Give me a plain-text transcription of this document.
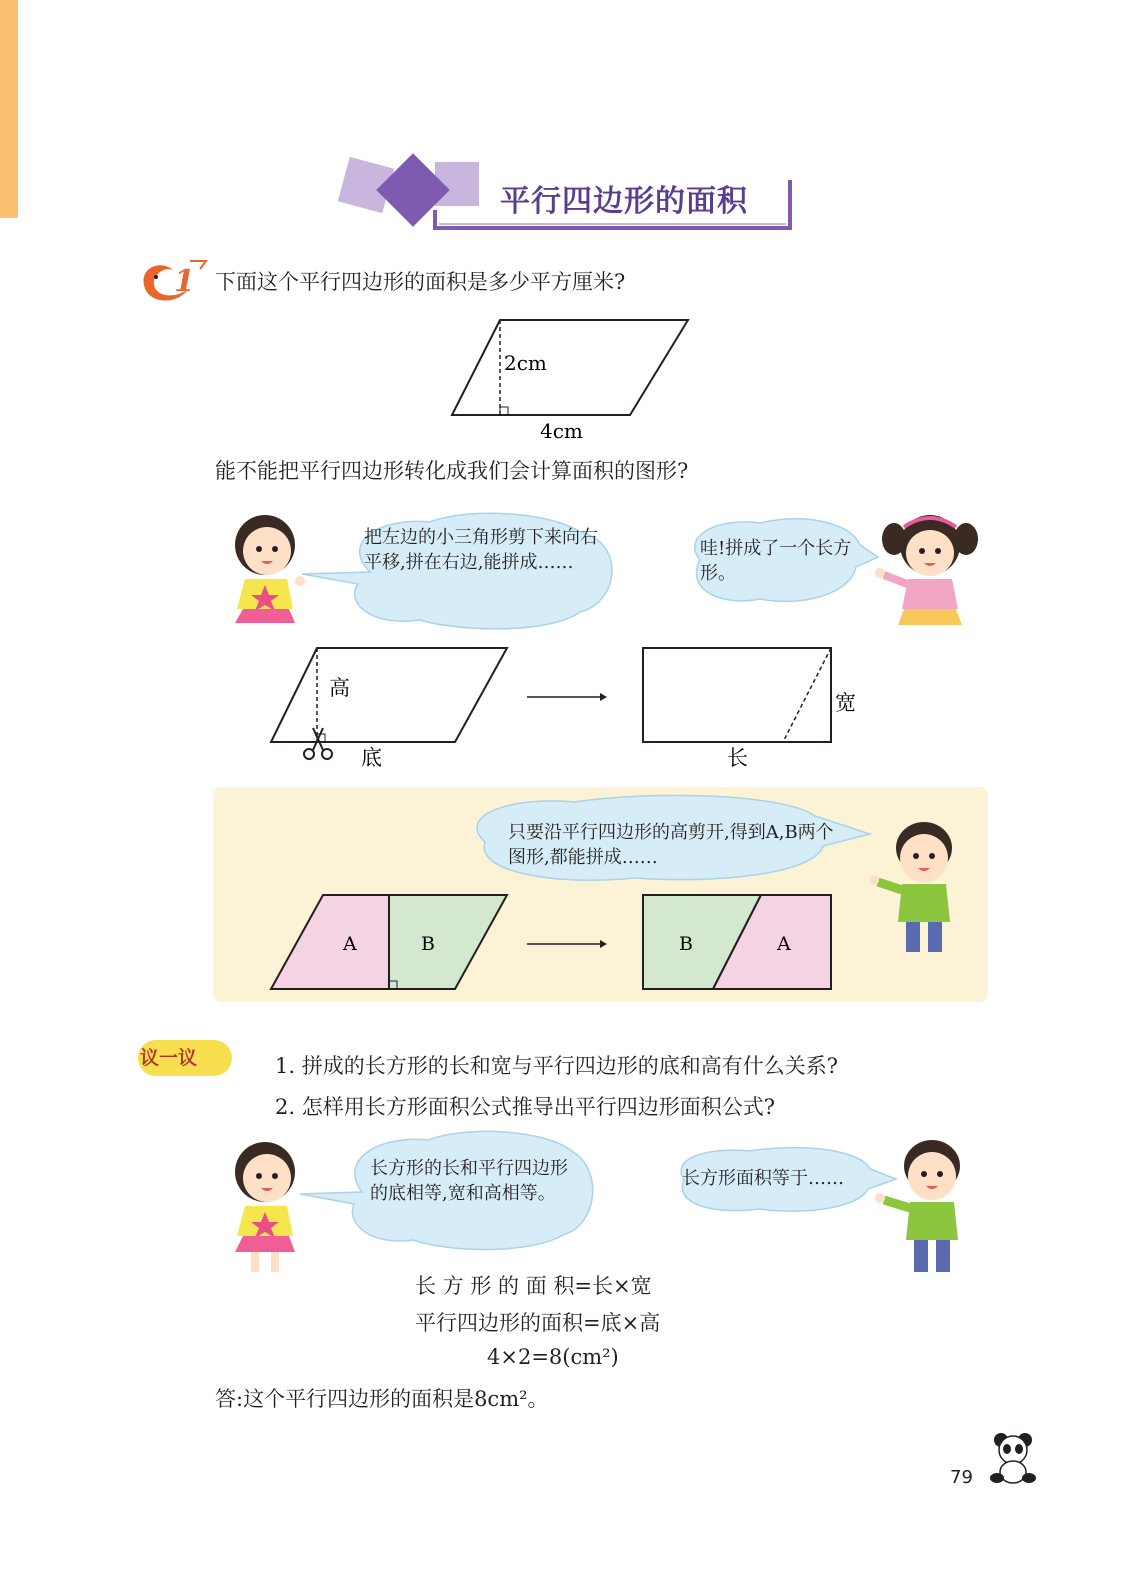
平行四边形的面积
1 下面这个平行四边形的面积是多少平方厘米?
2cm
4cm
能不能把平行四边形转化成我们会计算面积的图形?
把左边的小三角形剪下来向右平移,拼在右边,能拼成……
哇!拼成了一个长方形。
高
底
宽
长
只要沿平行四边形的高剪开,得到A,B两个图形,都能拼成……
A	B	B	A
议一议	1. 拼成的长方形的长和宽与平行四边形的底和高有什么关系?
2. 怎样用长方形面积公式推导出平行四边形面积公式?
长方形的长和平行四边形的底相等,宽和高相等。
长方形面积等于……
长 方 形 的 面 积=长×宽
平行四边形的面积=底×高
4×2=8(cm²)
答:这个平行四边形的面积是8cm²。
79
